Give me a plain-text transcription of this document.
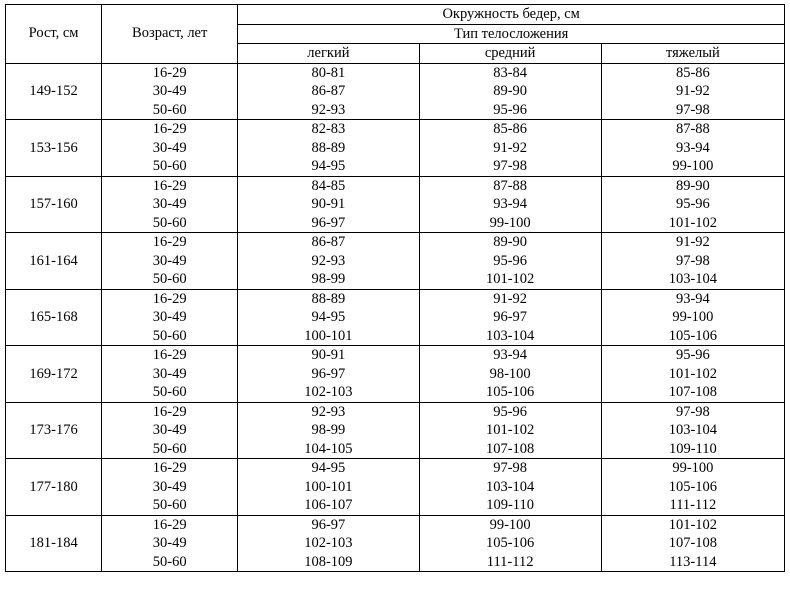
Рост, см	Возраст, лет	Окружность бедер, см		
		Тип телосложения		
		легкий	средний	тяжелый
149-152	16-29	80-81	83-84	85-86
	30-49	86-87	89-90	91-92
	50-60	92-93	95-96	97-98
153-156	16-29	82-83	85-86	87-88
	30-49	88-89	91-92	93-94
	50-60	94-95	97-98	99-100
157-160	16-29	84-85	87-88	89-90
	30-49	90-91	93-94	95-96
	50-60	96-97	99-100	101-102
161-164	16-29	86-87	89-90	91-92
	30-49	92-93	95-96	97-98
	50-60	98-99	101-102	103-104
165-168	16-29	88-89	91-92	93-94
	30-49	94-95	96-97	99-100
	50-60	100-101	103-104	105-106
169-172	16-29	90-91	93-94	95-96
	30-49	96-97	98-100	101-102
	50-60	102-103	105-106	107-108
173-176	16-29	92-93	95-96	97-98
	30-49	98-99	101-102	103-104
	50-60	104-105	107-108	109-110
177-180	16-29	94-95	97-98	99-100
	30-49	100-101	103-104	105-106
	50-60	106-107	109-110	111-112
181-184	16-29	96-97	99-100	101-102
	30-49	102-103	105-106	107-108
	50-60	108-109	111-112	113-114
